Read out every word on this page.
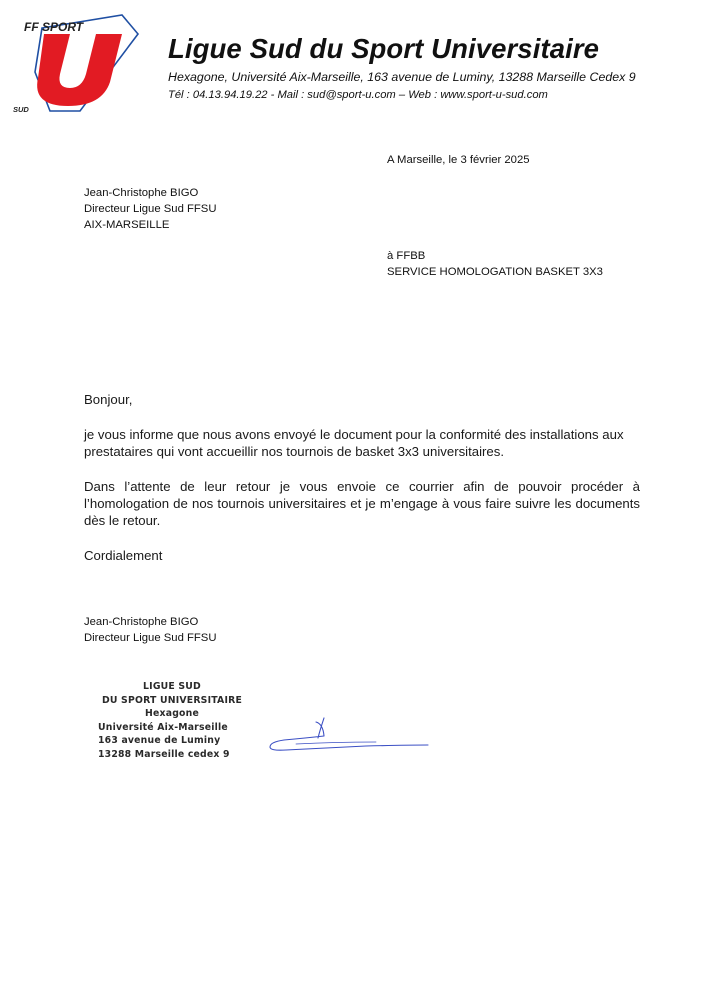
FF SPORT
SUD
Ligue Sud du Sport Universitaire
Hexagone, Université Aix-Marseille, 163 avenue de Luminy, 13288 Marseille Cedex 9
Tél : 04.13.94.19.22 - Mail : sud@sport-u.com – Web : www.sport-u-sud.com
A Marseille, le 3 février 2025
Jean-Christophe BIGO
Directeur Ligue Sud FFSU
AIX-MARSEILLE
à FFBB
SERVICE HOMOLOGATION BASKET 3X3
Bonjour,
je vous informe que nous avons envoyé le document pour la conformité des installations aux prestataires qui vont accueillir nos tournois de basket 3x3 universitaires.
Dans l’attente de leur retour je vous envoie ce courrier afin de pouvoir procéder à l’homologation de nos tournois universitaires et je m’engage à vous faire suivre les documents dès le retour.
Cordialement
Jean-Christophe BIGO
Directeur Ligue Sud FFSU
LIGUE SUD
DU SPORT UNIVERSITAIRE
Hexagone
Université Aix-Marseille
163 avenue de Luminy
13288 Marseille cedex 9
